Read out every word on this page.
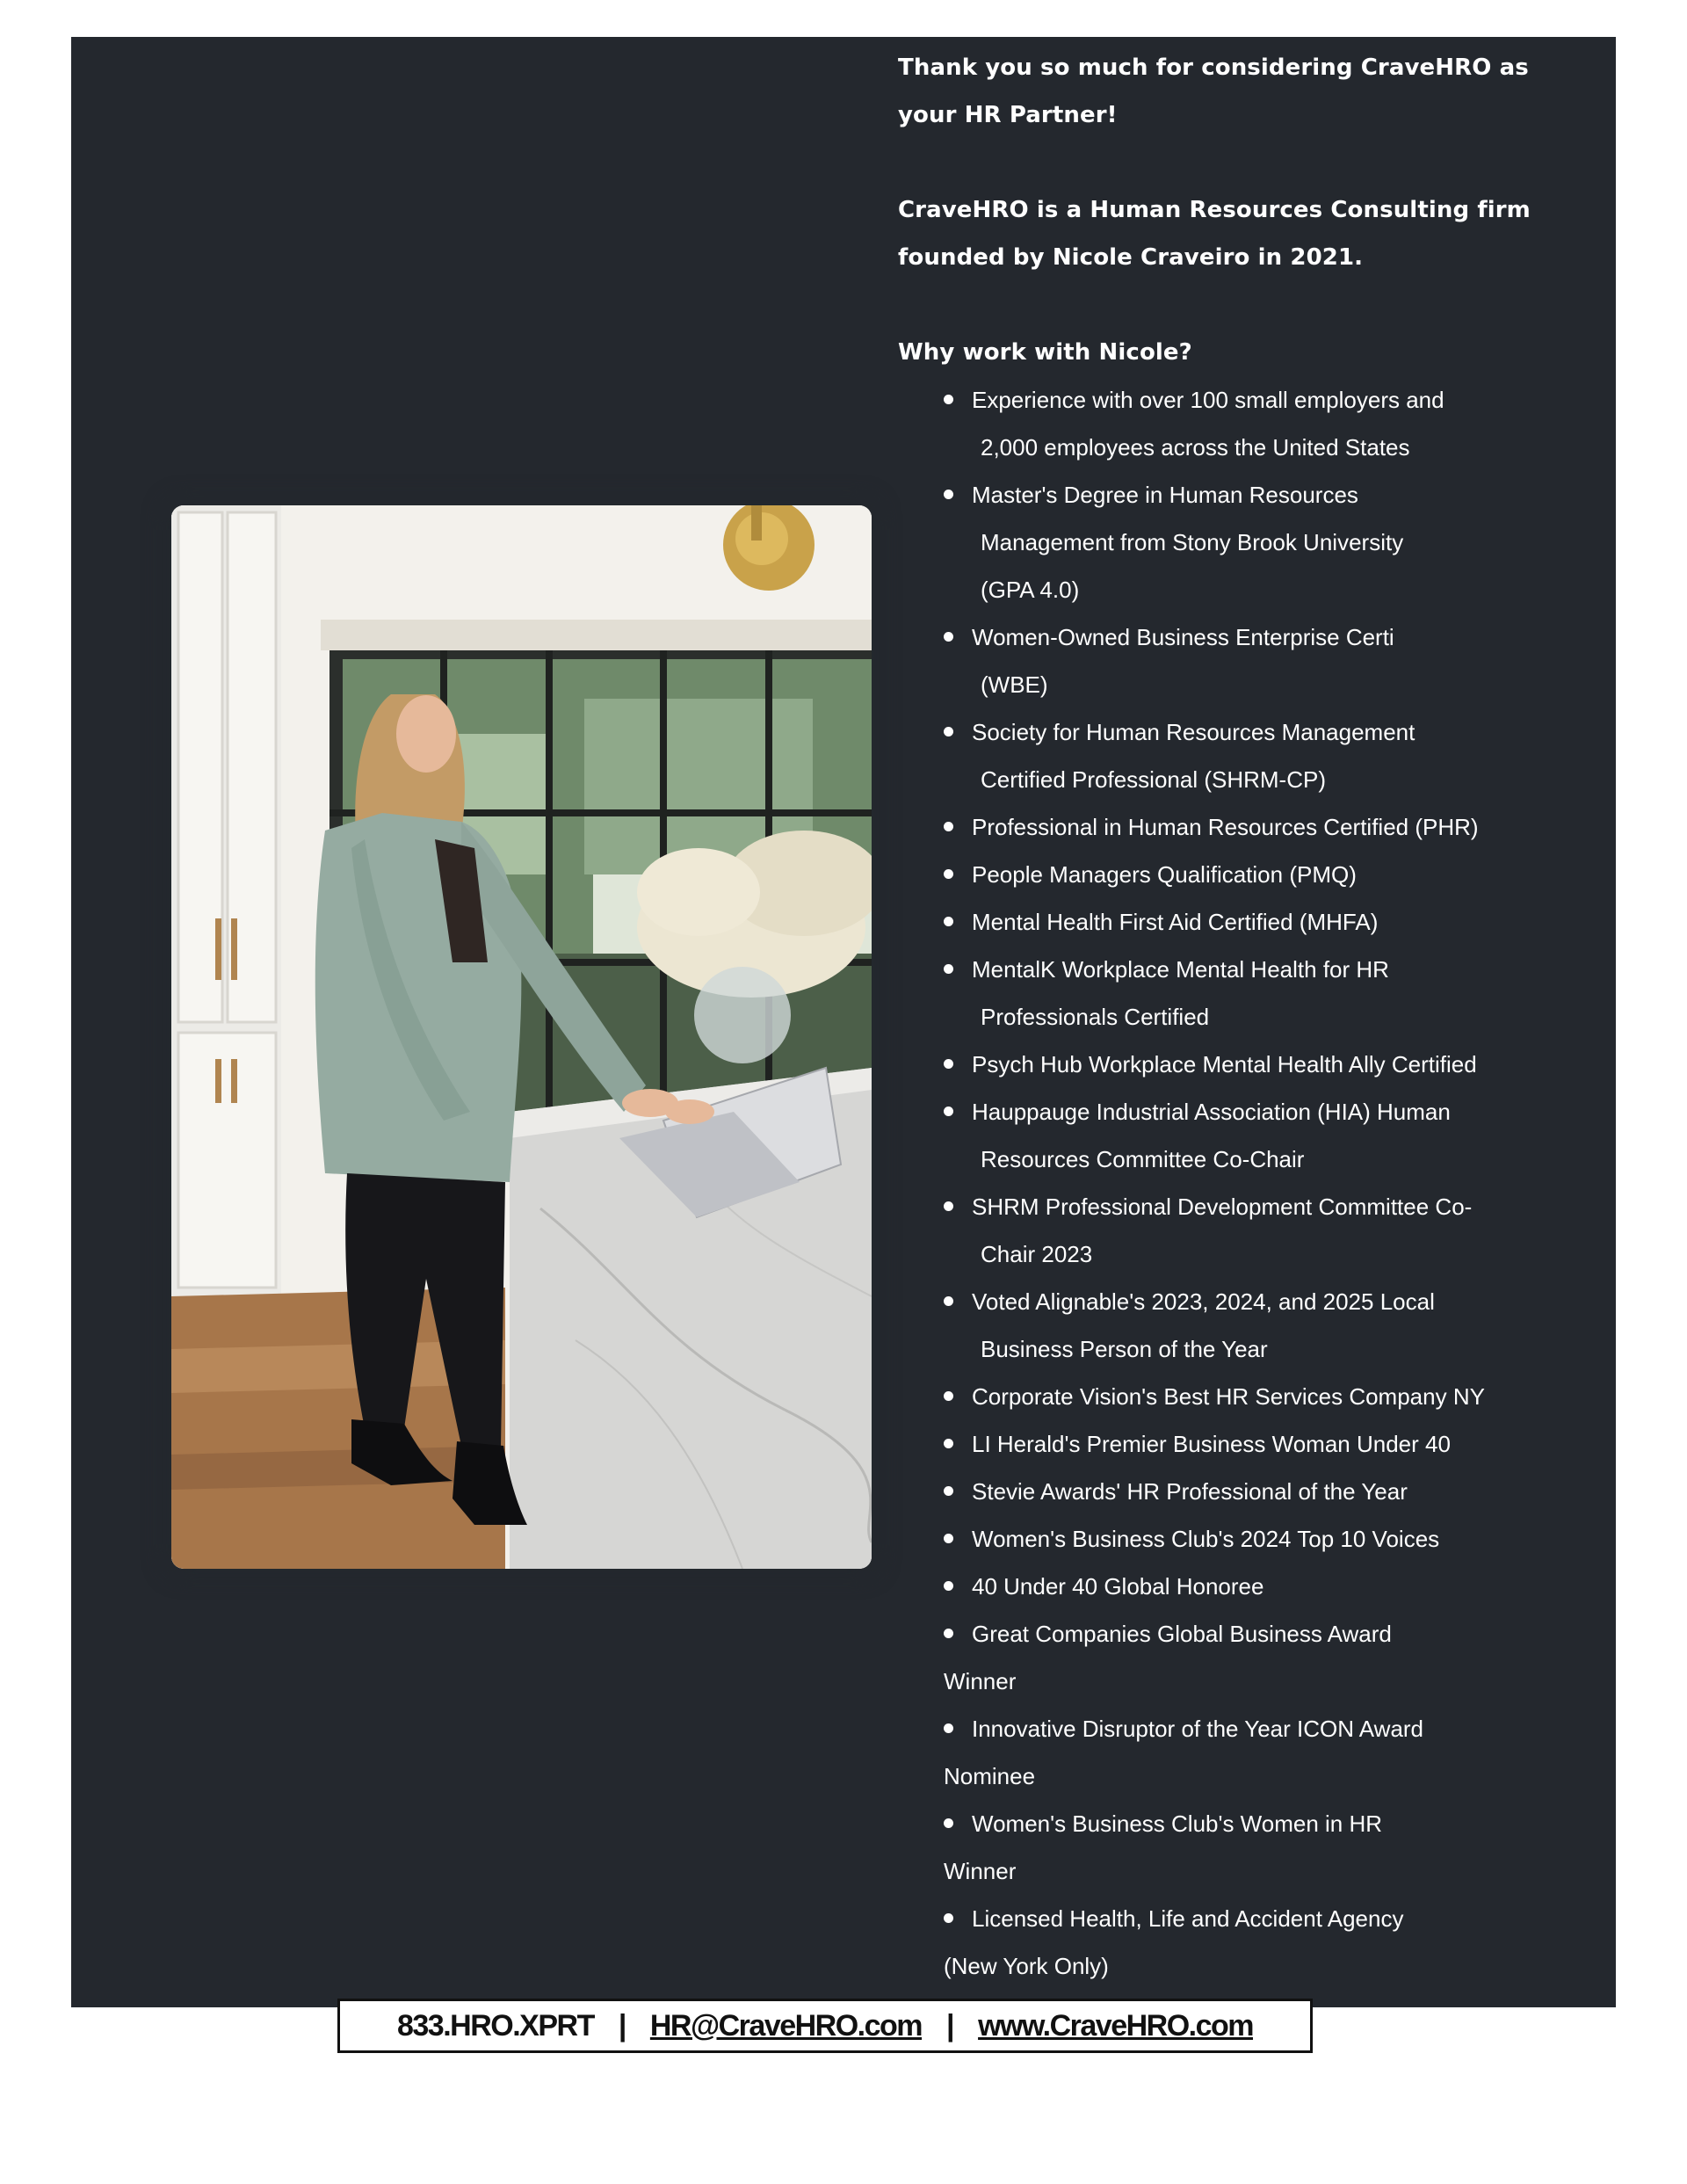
Thank you so much for considering CraveHRO as
your HR Partner!
CraveHRO is a Human Resources Consulting firm
founded by Nicole Craveiro in 2021.
Why work with Nicole?
Experience with over 100 small employers and
2,000 employees across the United States
Master's Degree in Human Resources
Management from Stony Brook University
(GPA 4.0)
Women-Owned Business Enterprise Certi
(WBE)
Society for Human Resources Management
Certified Professional (SHRM-CP)
Professional in Human Resources Certified (PHR)
People Managers Qualification (PMQ)
Mental Health First Aid Certified (MHFA)
MentalK Workplace Mental Health for HR
Professionals Certified
Psych Hub Workplace Mental Health Ally Certified
Hauppauge Industrial Association (HIA) Human
Resources Committee Co-Chair
SHRM Professional Development Committee Co-
Chair 2023
Voted Alignable's 2023, 2024, and 2025 Local
Business Person of the Year
Corporate Vision's Best HR Services Company NY
LI Herald's Premier Business Woman Under 40
Stevie Awards' HR Professional of the Year
Women's Business Club's 2024 Top 10 Voices
40 Under 40 Global Honoree
Great Companies Global Business Award
Winner
Innovative Disruptor of the Year ICON Award
Nominee
Women's Business Club's Women in HR
Winner
Licensed Health, Life and Accident Agency
(New York Only)
833.HRO.XPRT | HR@CraveHRO.com | www.CraveHRO.com
